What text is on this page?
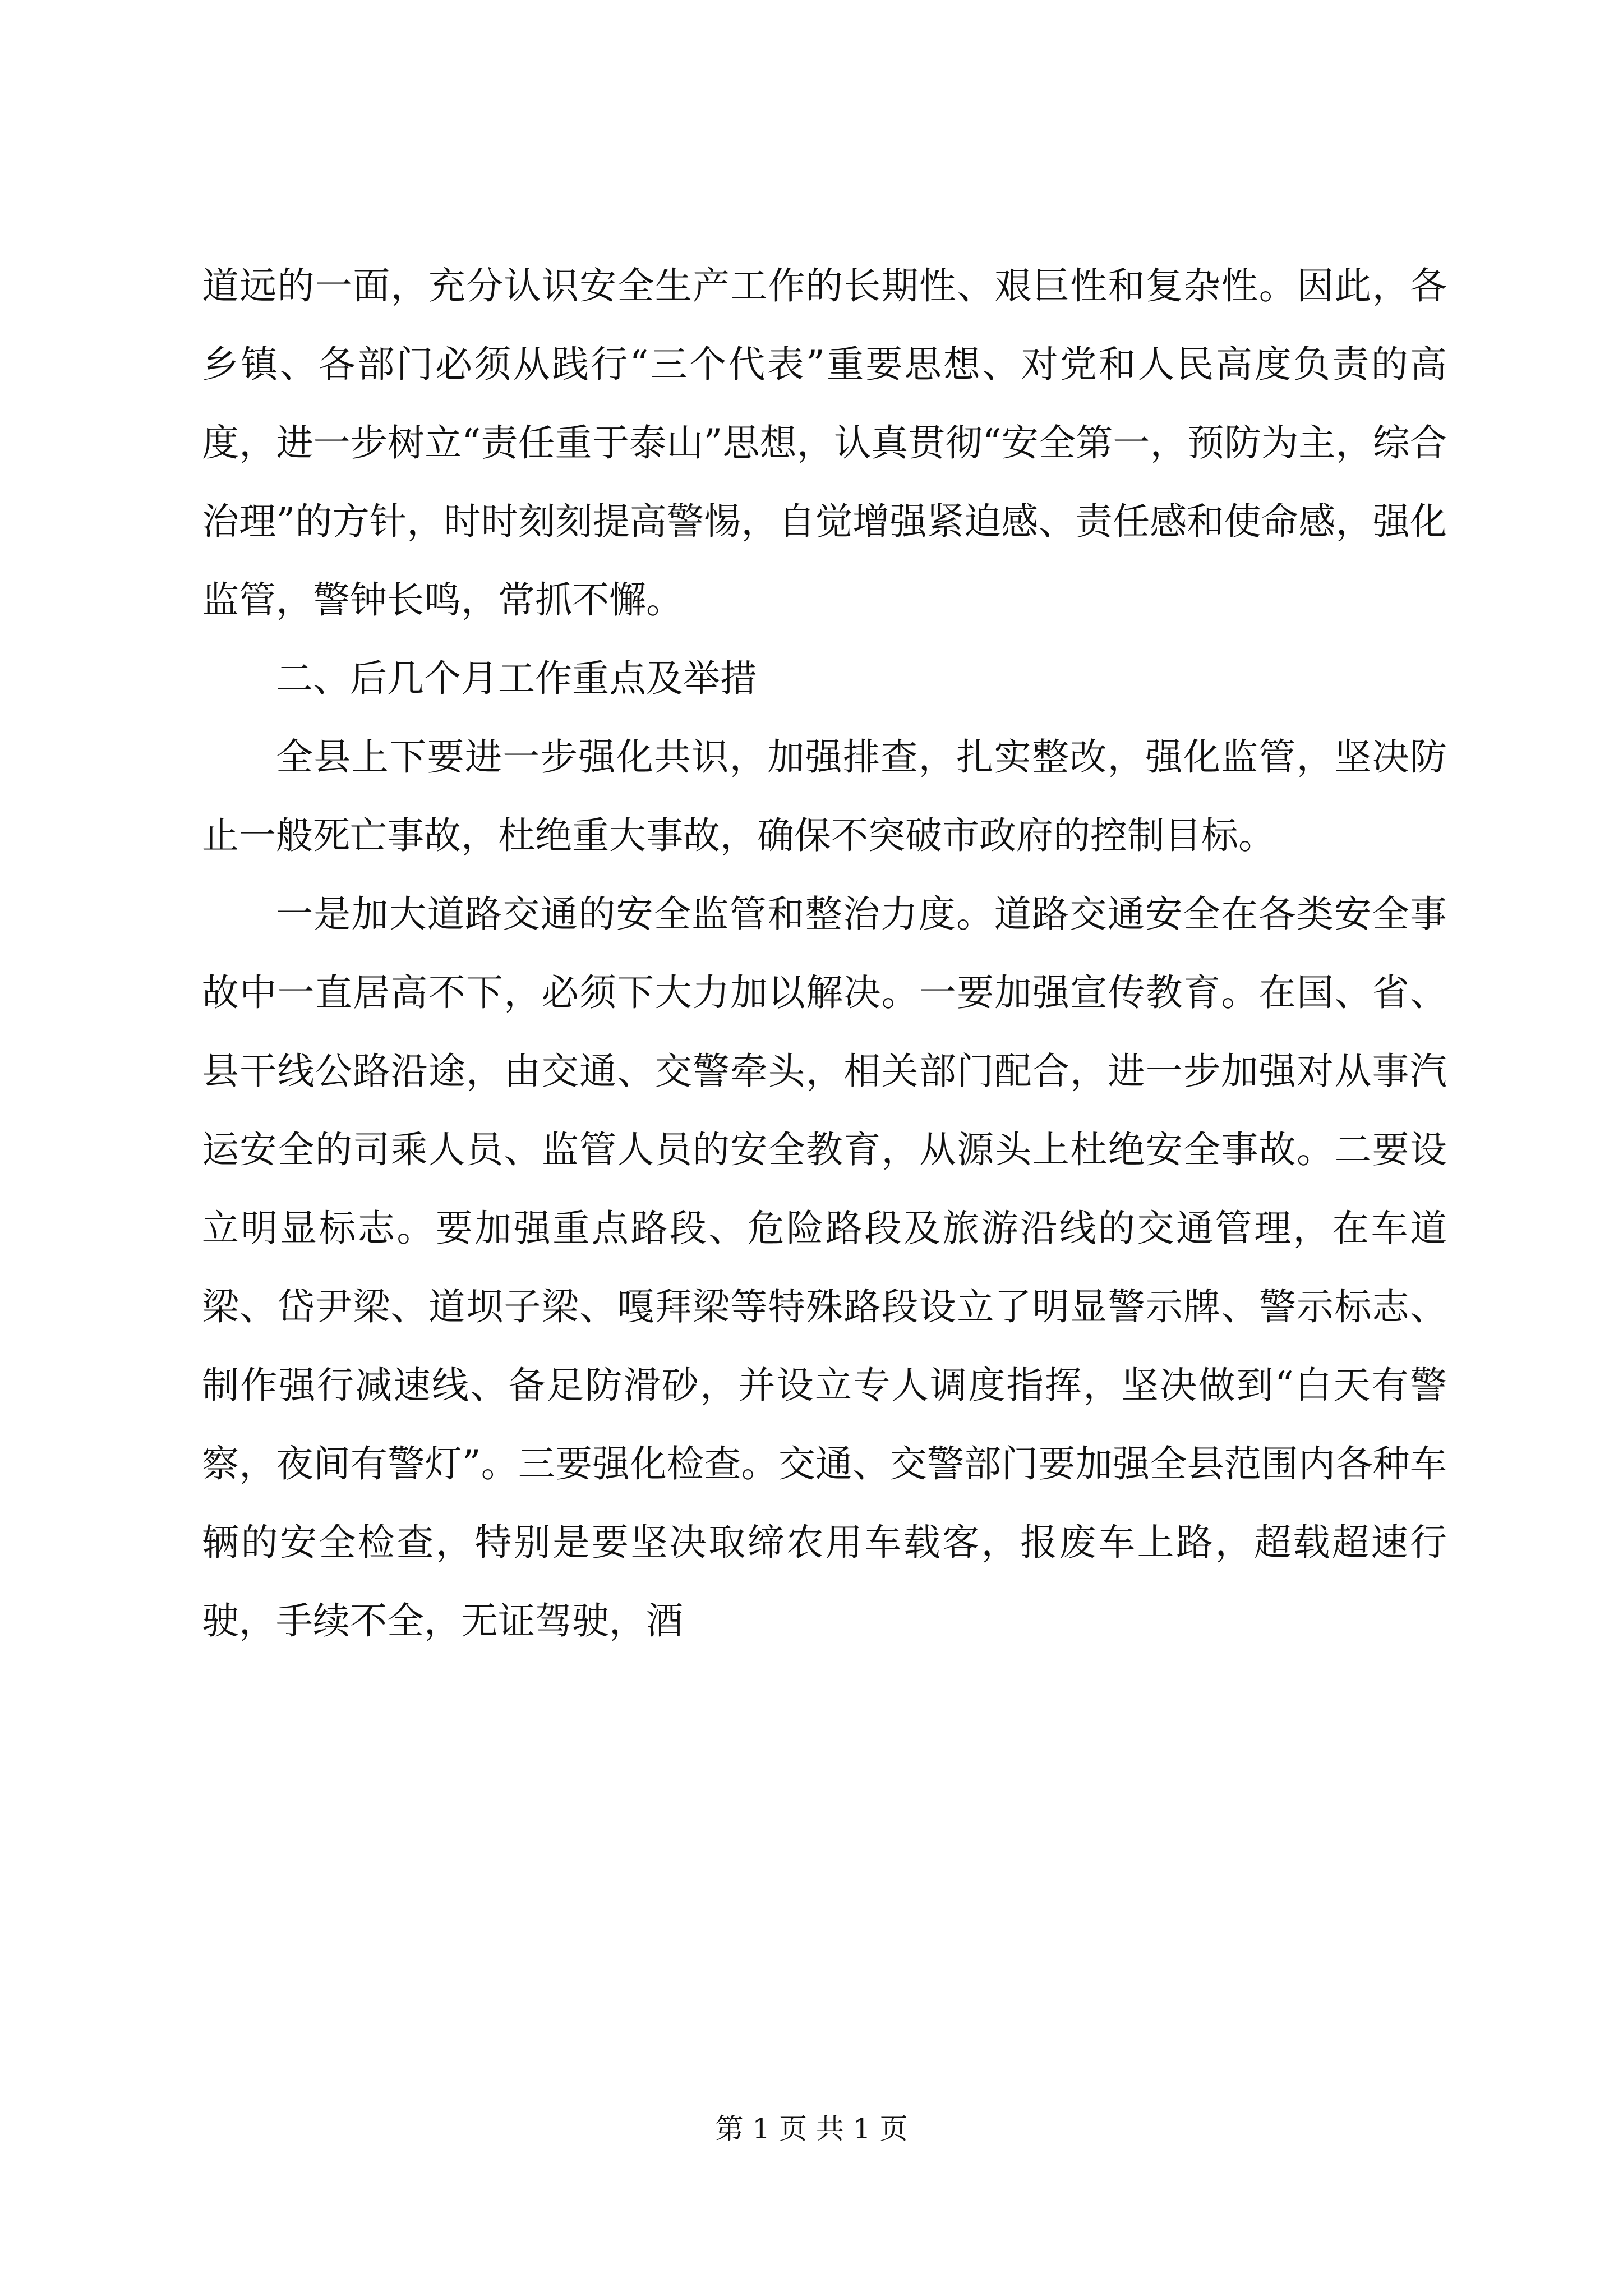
道远的一面，充分认识安全生产工作的长期性、艰巨性和复杂性。因此，各乡镇、各部门必须从践行“三个代表”重要思想、对党和人民高度负责的高度，进一步树立“责任重于泰山”思想，认真贯彻“安全第一，预防为主，综合治理”的方针，时时刻刻提高警惕，自觉增强紧迫感、责任感和使命感，强化监管，警钟长鸣，常抓不懈。

二、后几个月工作重点及举措

全县上下要进一步强化共识，加强排查，扎实整改，强化监管，坚决防止一般死亡事故，杜绝重大事故，确保不突破市政府的控制目标。

一是加大道路交通的安全监管和整治力度。道路交通安全在各类安全事故中一直居高不下，必须下大力加以解决。一要加强宣传教育。在国、省、县干线公路沿途，由交通、交警牵头，相关部门配合，进一步加强对从事汽运安全的司乘人员、监管人员的安全教育，从源头上杜绝安全事故。二要设立明显标志。要加强重点路段、危险路段及旅游沿线的交通管理，在车道梁、岱尹梁、道坝子梁、嘎拜梁等特殊路段设立了明显警示牌、警示标志、制作强行减速线、备足防滑砂，并设立专人调度指挥，坚决做到“白天有警察，夜间有警灯”。三要强化检查。交通、交警部门要加强全县范围内各种车辆的安全检查，特别是要坚决取缔农用车载客，报废车上路，超载超速行驶，手续不全，无证驾驶，酒

第 1 页 共 1 页
